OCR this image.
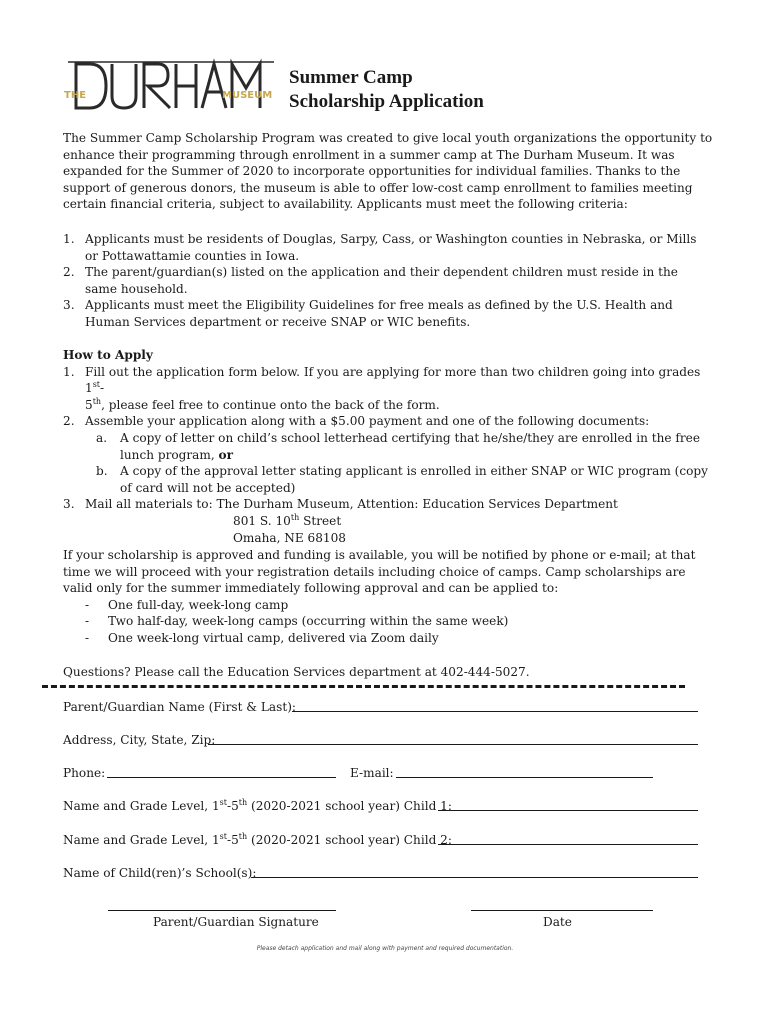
THE	MUSEUM
DURHAM
Summer Camp
Scholarship Application
The Summer Camp Scholarship Program was created to give local youth organizations the opportunity to enhance their programming through enrollment in a summer camp at The Durham Museum. It was expanded for the Summer of 2020 to incorporate opportunities for individual families. Thanks to the support of generous donors, the museum is able to offer low-cost camp enrollment to families meeting certain financial criteria, subject to availability. Applicants must meet the following criteria:
1. Applicants must be residents of Douglas, Sarpy, Cass, or Washington counties in Nebraska, or Mills or Pottawattamie counties in Iowa.
2. The parent/guardian(s) listed on the application and their dependent children must reside in the same household.
3. Applicants must meet the Eligibility Guidelines for free meals as defined by the U.S. Health and Human Services department or receive SNAP or WIC benefits.
How to Apply
1. Fill out the application form below. If you are applying for more than two children going into grades 1st-
5th, please feel free to continue onto the back of the form.
2. Assemble your application along with a $5.00 payment and one of the following documents:
a. A copy of letter on child’s school letterhead certifying that he/she/they are enrolled in the free lunch program, or
b. A copy of the approval letter stating applicant is enrolled in either SNAP or WIC program (copy of card will not be accepted)
3. Mail all materials to: The Durham Museum, Attention: Education Services Department
801 S. 10th Street
Omaha, NE 68108
If your scholarship is approved and funding is available, you will be notified by phone or e-mail; at that time we will proceed with your registration details including choice of camps. Camp scholarships are valid only for the summer immediately following approval and can be applied to:
- One full-day, week-long camp
- Two half-day, week-long camps (occurring within the same week)
- One week-long virtual camp, delivered via Zoom daily
Questions? Please call the Education Services department at 402-444-5027.
Parent/Guardian Name (First & Last):
Address, City, State, Zip:
Phone:	E-mail:
Name and Grade Level, 1st-5th (2020-2021 school year) Child 1:
Name and Grade Level, 1st-5th (2020-2021 school year) Child 2:
Name of Child(ren)’s School(s):
Parent/Guardian Signature	Date
Please detach application and mail along with payment and required documentation.
